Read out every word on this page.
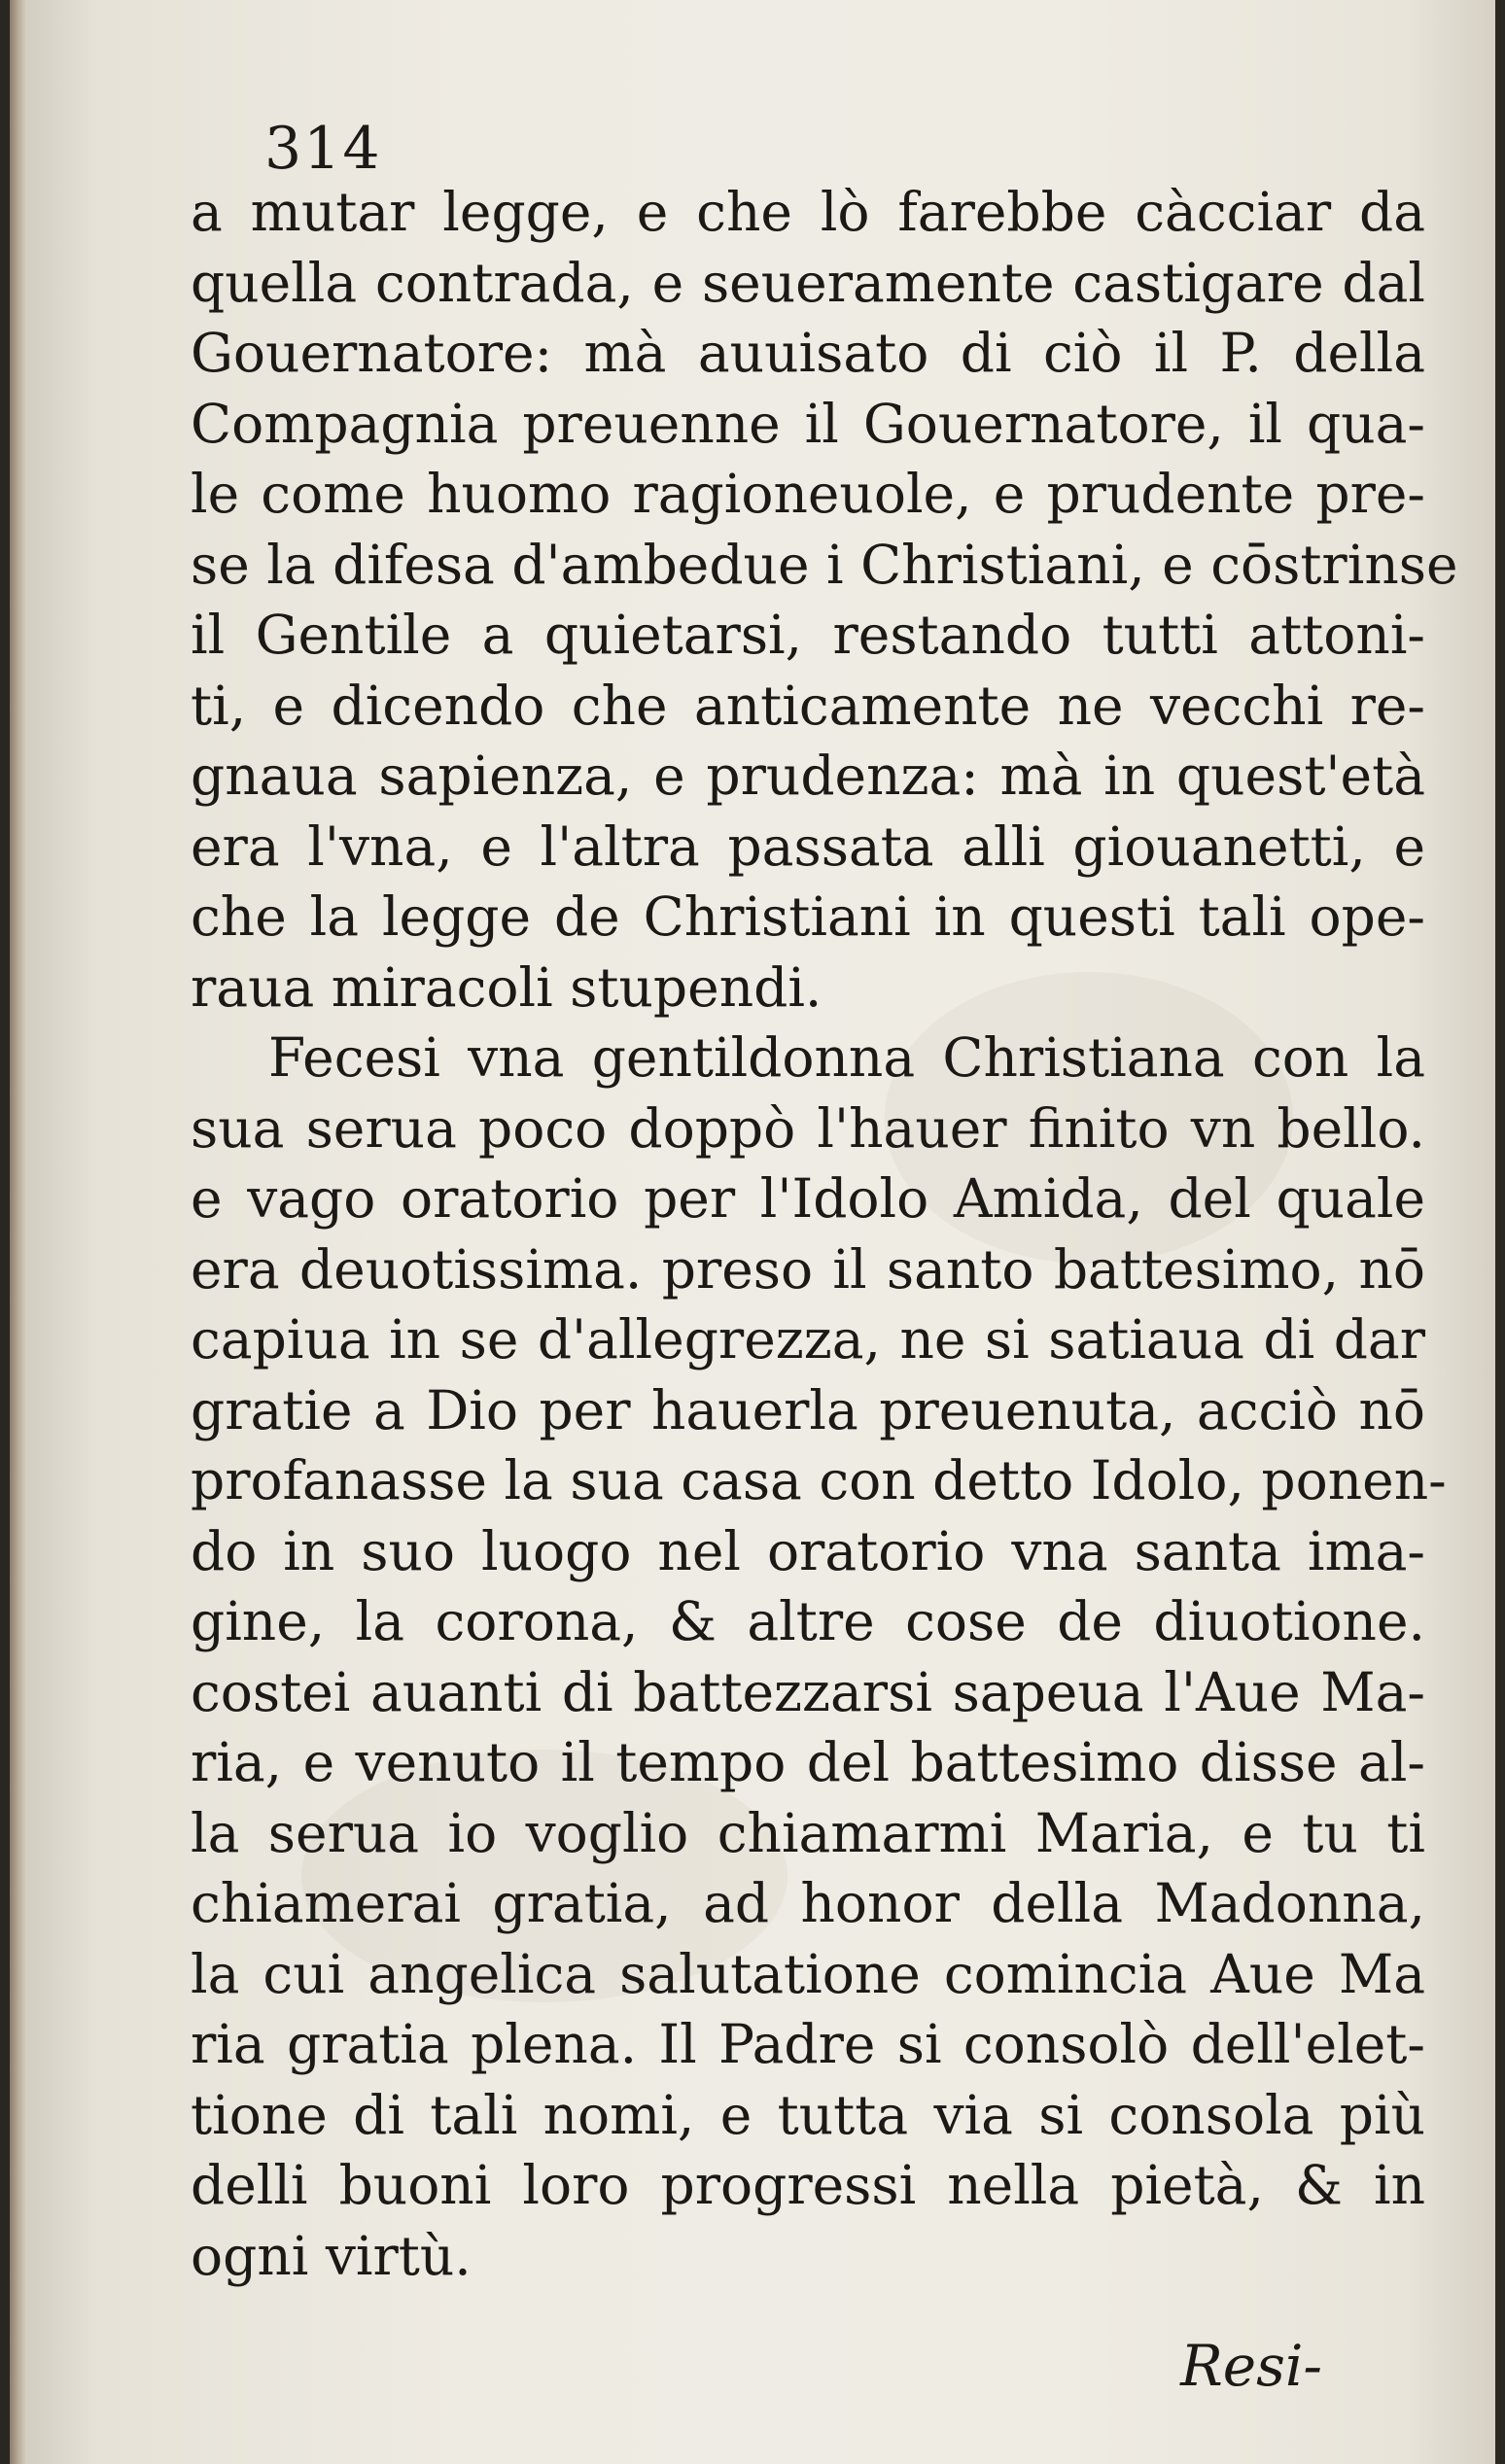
314
a mutar legge, e che lò farebbe càcciar da
quella contrada, e seueramente castigare dal
Gouernatore: mà auuisato di ciò il P. della
Compagnia preuenne il Gouernatore, il qua-
le come huomo ragioneuole, e prudente pre-
se la difesa d'ambedue i Christiani, e cōstrinse
il Gentile a quietarsi, restando tutti attoni-
ti, e dicendo che anticamente ne vecchi re-
gnaua sapienza, e prudenza: mà in quest'età
era l'vna, e l'altra passata alli giouanetti, e
che la legge de Christiani in questi tali ope-
raua miracoli stupendi.
Fecesi vna gentildonna Christiana con la
sua serua poco doppò l'hauer finito vn bello.
e vago oratorio per l'Idolo Amida, del quale
era deuotissima. preso il santo battesimo, nō
capiua in se d'allegrezza, ne si satiaua di dar
gratie a Dio per hauerla preuenuta, acciò nō
profanasse la sua casa con detto Idolo, ponen-
do in suo luogo nel oratorio vna santa ima-
gine, la corona, & altre cose de diuotione.
costei auanti di battezzarsi sapeua l'Aue Ma-
ria, e venuto il tempo del battesimo disse al-
la serua io voglio chiamarmi Maria, e tu ti
chiamerai gratia, ad honor della Madonna,
la cui angelica salutatione comincia Aue Ma
ria gratia plena. Il Padre si consolò dell'elet-
tione di tali nomi, e tutta via si consola più
delli buoni loro progressi nella pietà, & in
ogni virtù.
Resi-
